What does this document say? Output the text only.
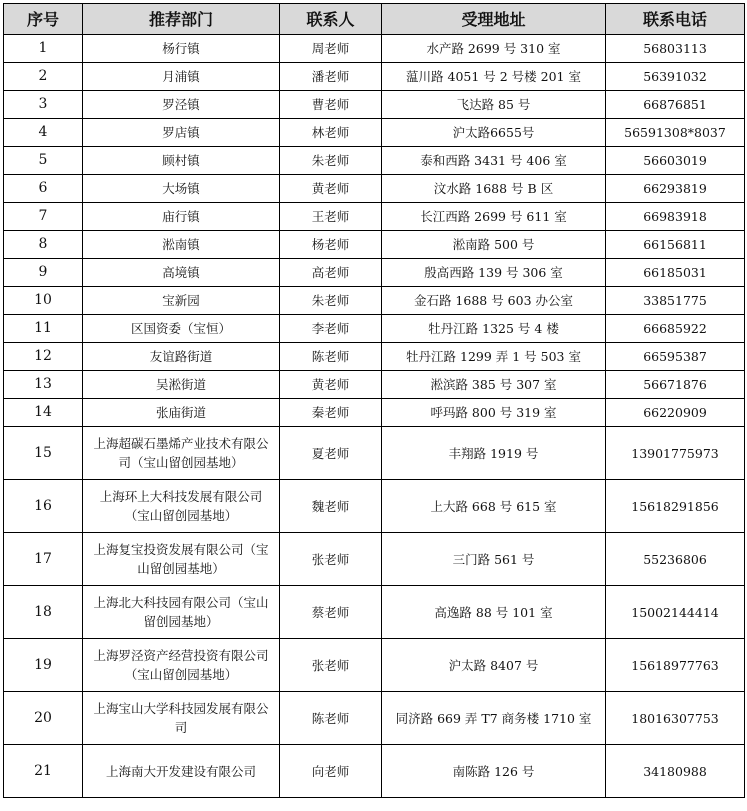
序号	推荐部门	联系人	受理地址	联系电话
1	杨行镇	周老师	水产路 2699 号 310 室	56803113
2	月浦镇	潘老师	蕰川路 4051 号 2 号楼 201 室	56391032
3	罗泾镇	曹老师	飞达路 85 号	66876851
4	罗店镇	林老师	沪太路6655号	56591308*8037
5	顾村镇	朱老师	泰和西路 3431 号 406 室	56603019
6	大场镇	黄老师	汶水路 1688 号 B 区	66293819
7	庙行镇	王老师	长江西路 2699 号 611 室	66983918
8	淞南镇	杨老师	淞南路 500 号	66156811
9	高境镇	高老师	殷高西路 139 号 306 室	66185031
10	宝新园	朱老师	金石路 1688 号 603 办公室	33851775
11	区国资委（宝恒）	李老师	牡丹江路 1325 号 4 楼	66685922
12	友谊路街道	陈老师	牡丹江路 1299 弄 1 号 503 室	66595387
13	吴淞街道	黄老师	淞滨路 385 号 307 室	56671876
14	张庙街道	秦老师	呼玛路 800 号 319 室	66220909
15	上海超碳石墨烯产业技术有限公司（宝山留创园基地）	夏老师	丰翔路 1919 号	13901775973
16	上海环上大科技发展有限公司（宝山留创园基地）	魏老师	上大路 668 号 615 室	15618291856
17	上海复宝投资发展有限公司（宝山留创园基地）	张老师	三门路 561 号	55236806
18	上海北大科技园有限公司（宝山留创园基地）	蔡老师	高逸路 88 号 101 室	15002144414
19	上海罗泾资产经营投资有限公司（宝山留创园基地）	张老师	沪太路 8407 号	15618977763
20	上海宝山大学科技园发展有限公司	陈老师	同济路 669 弄 T7 商务楼 1710 室	18016307753
21	上海南大开发建设有限公司	向老师	南陈路 126 号	34180988
